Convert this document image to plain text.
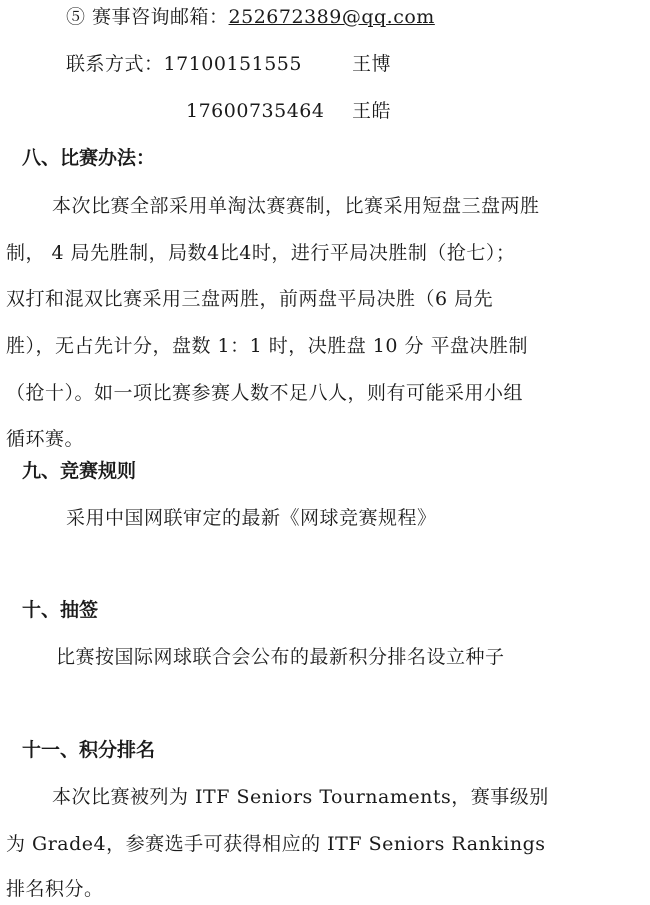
⑤ 赛事咨询邮箱：252672389@qq.com
联系方式：17100151555	王博
17600735464 王皓
八、比赛办法：
本次比赛全部采用单淘汰赛赛制，比赛采用短盘三盘两胜
制， 4 局先胜制，局数4比4时，进行平局决胜制（抢七）；
双打和混双比赛采用三盘两胜，前两盘平局决胜（6 局先
胜），无占先计分，盘数 1：1 时，决胜盘 10 分 平盘决胜制
（抢十）。如一项比赛参赛人数不足八人，则有可能采用小组
循环赛。
九、竞赛规则
采用中国网联审定的最新《网球竞赛规程》
十、抽签
比赛按国际网球联合会公布的最新积分排名设立种子
十一、积分排名
本次比赛被列为 ITF Seniors Tournaments，赛事级别
为 Grade4，参赛选手可获得相应的 ITF Seniors Rankings
排名积分。
